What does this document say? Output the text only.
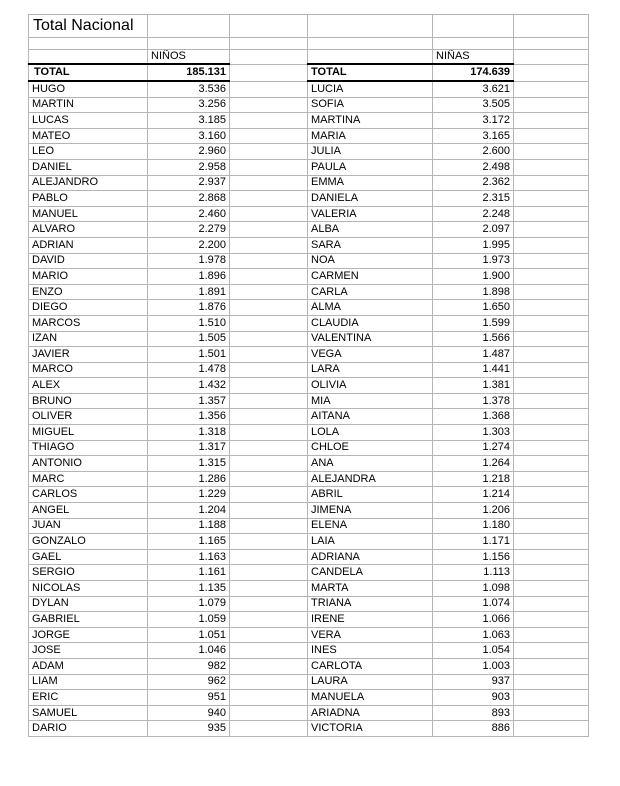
Total Nacional					

	NIÑOS			NIÑAS	
TOTAL	185.131		TOTAL	174.639	
HUGO	3.536		LUCIA	3.621	
MARTIN	3.256		SOFIA	3.505	
LUCAS	3.185		MARTINA	3.172	
MATEO	3.160		MARIA	3.165	
LEO	2.960		JULIA	2.600	
DANIEL	2.958		PAULA	2.498	
ALEJANDRO	2.937		EMMA	2.362	
PABLO	2.868		DANIELA	2.315	
MANUEL	2.460		VALERIA	2.248	
ALVARO	2.279		ALBA	2.097	
ADRIAN	2.200		SARA	1.995	
DAVID	1.978		NOA	1.973	
MARIO	1.896		CARMEN	1.900	
ENZO	1.891		CARLA	1.898	
DIEGO	1.876		ALMA	1.650	
MARCOS	1.510		CLAUDIA	1.599	
IZAN	1.505		VALENTINA	1.566	
JAVIER	1.501		VEGA	1.487	
MARCO	1.478		LARA	1.441	
ALEX	1.432		OLIVIA	1.381	
BRUNO	1.357		MIA	1.378	
OLIVER	1.356		AITANA	1.368	
MIGUEL	1.318		LOLA	1.303	
THIAGO	1.317		CHLOE	1.274	
ANTONIO	1.315		ANA	1.264	
MARC	1.286		ALEJANDRA	1.218	
CARLOS	1.229		ABRIL	1.214	
ANGEL	1.204		JIMENA	1.206	
JUAN	1.188		ELENA	1.180	
GONZALO	1.165		LAIA	1.171	
GAEL	1.163		ADRIANA	1.156	
SERGIO	1.161		CANDELA	1.113	
NICOLAS	1.135		MARTA	1.098	
DYLAN	1.079		TRIANA	1.074	
GABRIEL	1.059		IRENE	1.066	
JORGE	1.051		VERA	1.063	
JOSE	1.046		INES	1.054	
ADAM	982		CARLOTA	1.003	
LIAM	962		LAURA	937	
ERIC	951		MANUELA	903	
SAMUEL	940		ARIADNA	893	
DARIO	935		VICTORIA	886	
